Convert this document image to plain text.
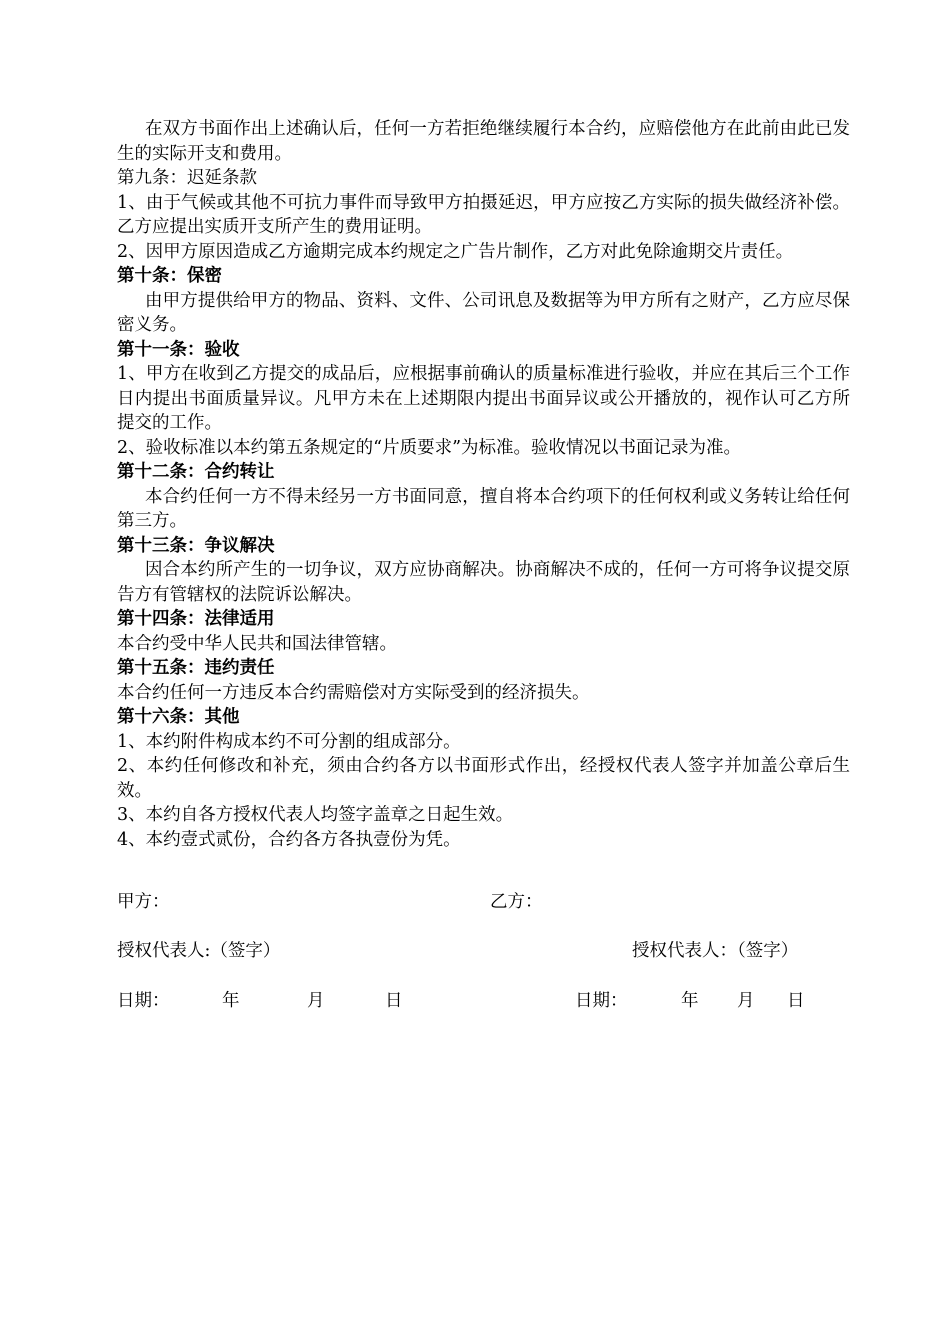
在双方书面作出上述确认后，任何一方若拒绝继续履行本合约，应赔偿他方在此前由此已发生的实际开支和费用。

第九条：迟延条款

1、由于气候或其他不可抗力事件而导致甲方拍摄延迟，甲方应按乙方实际的损失做经济补偿。乙方应提出实质开支所产生的费用证明。

2、因甲方原因造成乙方逾期完成本约规定之广告片制作，乙方对此免除逾期交片责任。

第十条：保密

由甲方提供给甲方的物品、资料、文件、公司讯息及数据等为甲方所有之财产，乙方应尽保密义务。

第十一条：验收

1、甲方在收到乙方提交的成品后，应根据事前确认的质量标准进行验收，并应在其后三个工作日内提出书面质量异议。凡甲方未在上述期限内提出书面异议或公开播放的，视作认可乙方所提交的工作。

2、验收标准以本约第五条规定的“片质要求”为标准。验收情况以书面记录为准。

第十二条：合约转让

本合约任何一方不得未经另一方书面同意，擅自将本合约项下的任何权利或义务转让给任何第三方。

第十三条：争议解决

因合本约所产生的一切争议，双方应协商解决。协商解决不成的，任何一方可将争议提交原告方有管辖权的法院诉讼解决。

第十四条：法律适用

本合约受中华人民共和国法律管辖。

第十五条：违约责任

本合约任何一方违反本合约需赔偿对方实际受到的经济损失。

第十六条：其他

1、本约附件构成本约不可分割的组成部分。

2、本约任何修改和补充，须由合约各方以书面形式作出，经授权代表人签字并加盖公章后生效。

3、本约自各方授权代表人均签字盖章之日起生效。

4、本约壹式贰份，合约各方各执壹份为凭。

甲方：	乙方：
授权代表人:（签字）	授权代表人：（签字）
日期：	年	月	日	日期：	年 月 日
